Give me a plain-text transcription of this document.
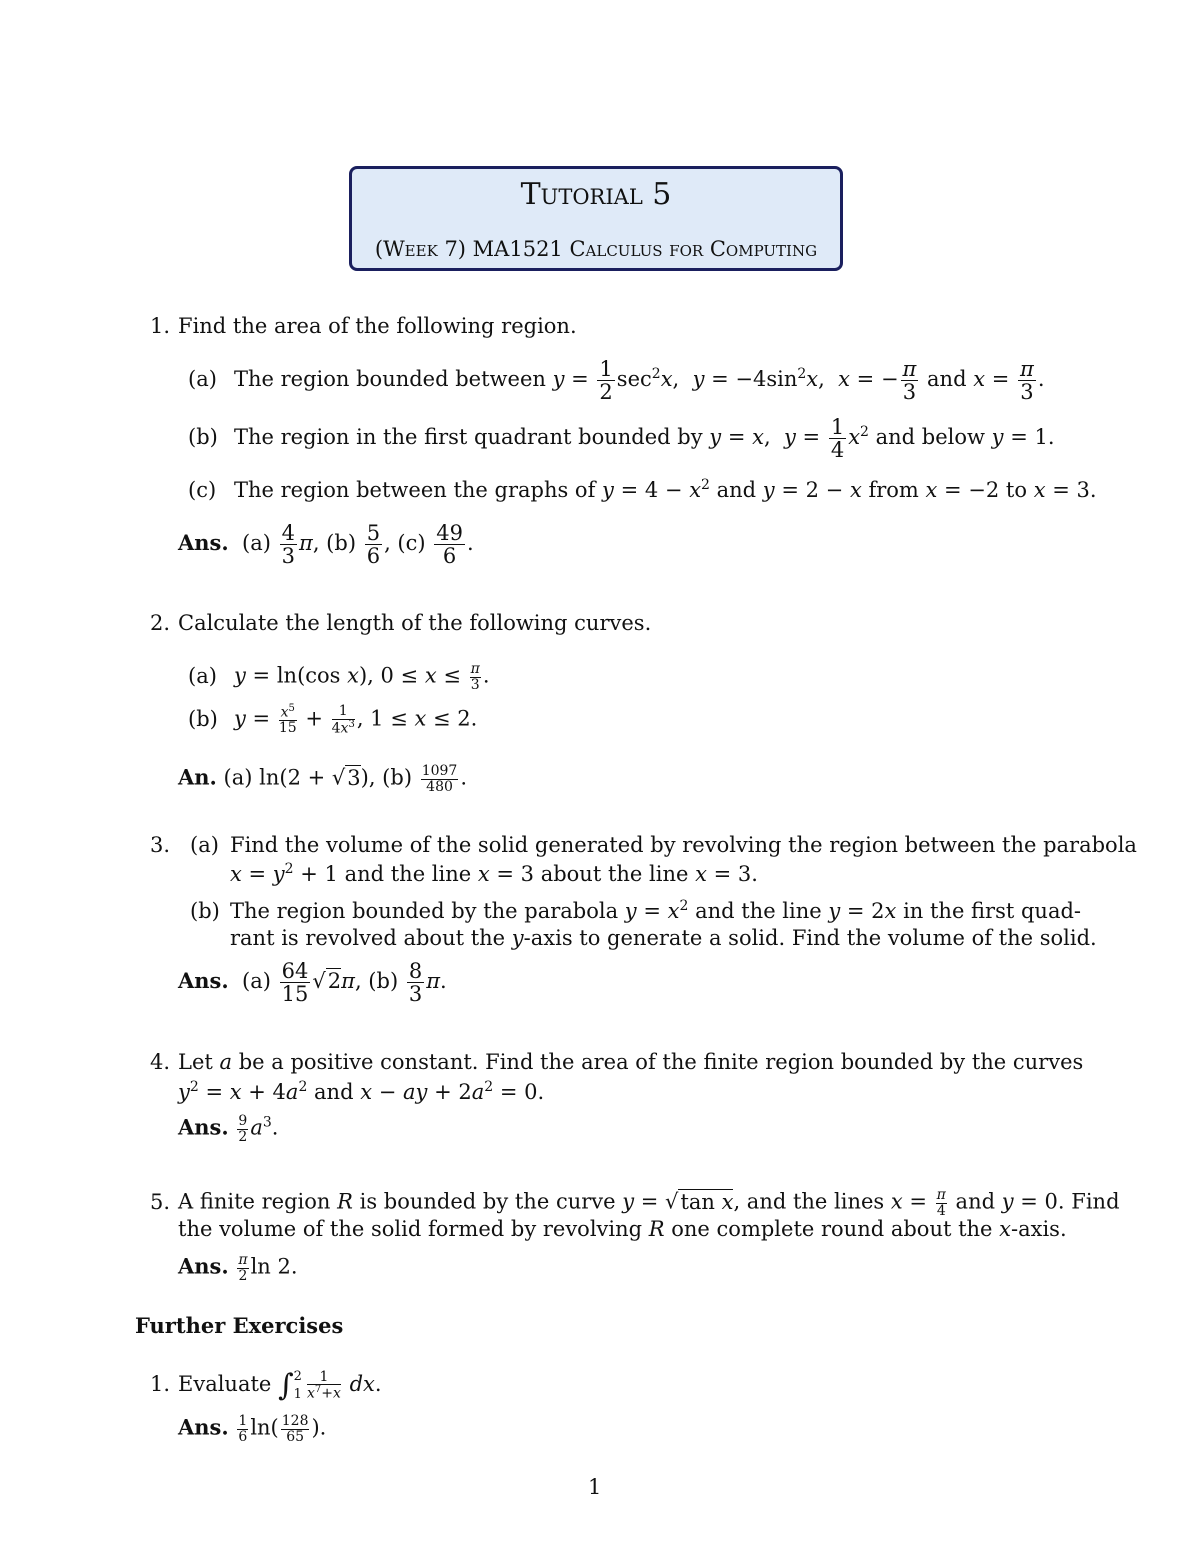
Tutorial 5
(Week 7) MA1521 Calculus for Computing
1. Find the area of the following region.
(a) The region bounded between $y = \frac{1}{2} \sec^2x$,  $y = -4\sin^2x$,  x = − $\frac{\pi}{3}$ and $x = \frac{\pi}{3}$ .
(b) The region in the first quadrant bounded by y = x,  $y = \frac{1}{4} x^2$ and below y = 1.
(c) The region between the graphs of $y = 4 - x^2$ and y = 2 − x from x = −2 to x = 3.
Ans.  $(a) \frac{4}{3} \pi$, $(b) \frac{5}{6}$ , $(c) \frac{49}{6}$ .
2. Calculate the length of the following curves.
(a) y = ln(cos x), $0 \le x \le \frac{\pi}{3}$ .
(b) $y = \frac{x^5}{15} + \frac{1}{4x^3}$ , 1 ≤ x ≤ 2.
An. (a) ln(2 + √3), $(b) \frac{1097}{480}$ .
3. (a) Find the volume of the solid generated by revolving the region between the parabola
$x = y^2 + 1$ and the line x = 3 about the line x = 3.
(b) The region bounded by the parabola $y = x^2$ and the line y = 2x in the first quad-
rant is revolved about the y-axis to generate a solid. Find the volume of the solid.
Ans.  $(a) \frac{64}{15} √2\pi$, $(b) \frac{8}{3} \pi$.
4. Let a be a positive constant. Find the area of the finite region bounded by the curves
$y^2 = x + 4a^2$ and x − ay + $2a^2 = 0$.
Ans. $\frac{9}{2} a^3$.
5. A finite region R is bounded by the curve y = √tan x, and the lines $x = \frac{\pi}{4}$ and y = 0. Find
the volume of the solid formed by revolving R one complete round about the x-axis.
Ans. $\frac{\pi}{2}$ ln 2.
Further Exercises
1. Evaluate ∫ 2
$1 \frac{1}{x^7+x}$ dx.
Ans. $\frac{1}{6} \ln( \frac{128}{65}$ ).
1
